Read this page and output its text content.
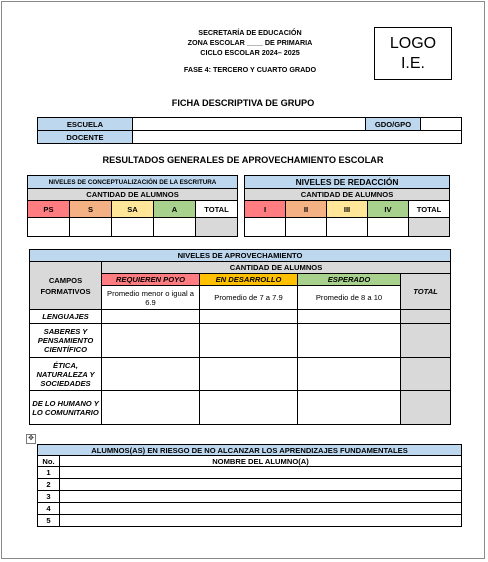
SECRETARÍA DE EDUCACIÓN
ZONA ESCOLAR ____ DE PRIMARIA
CICLO ESCOLAR 2024– 2025
FASE 4: TERCERO Y CUARTO GRADO
LOGO
I.E.
FICHA DESCRIPTIVA DE GRUPO
ESCUELA		GDO/GPO	
DOCENTE			
RESULTADOS GENERALES DE APROVECHAMIENTO ESCOLAR
NIVELES DE CONCEPTUALIZACIÓN DE LA ESCRITURA				
CANTIDAD DE ALUMNOS				
PS	S	SA	A	TOTAL

NIVELES DE REDACCIÓN				
CANTIDAD DE ALUMNOS				
I	II	III	IV	TOTAL

NIVELES DE APROVECHAMIENTO				
CAMPOS FORMATIVOS	CANTIDAD DE ALUMNOS			
	REQUIEREN POYO	EN DESARROLLO	ESPERADO	TOTAL
	Promedio menor o igual a 6.9	Promedio de 7 a 7.9	Promedio de 8 a 10	
LENGUAJES				
SABERES Y PENSAMIENTO CIENTÍFICO				
ÉTICA, NATURALEZA Y SOCIEDADES				
DE LO HUMANO Y LO COMUNITARIO				
✥
ALUMNOS(AS) EN RIESGO DE NO ALCANZAR LOS APRENDIZAJES FUNDAMENTALES	
No.	NOMBRE DEL ALUMNO(A)
1	
2	
3	
4	
5	
